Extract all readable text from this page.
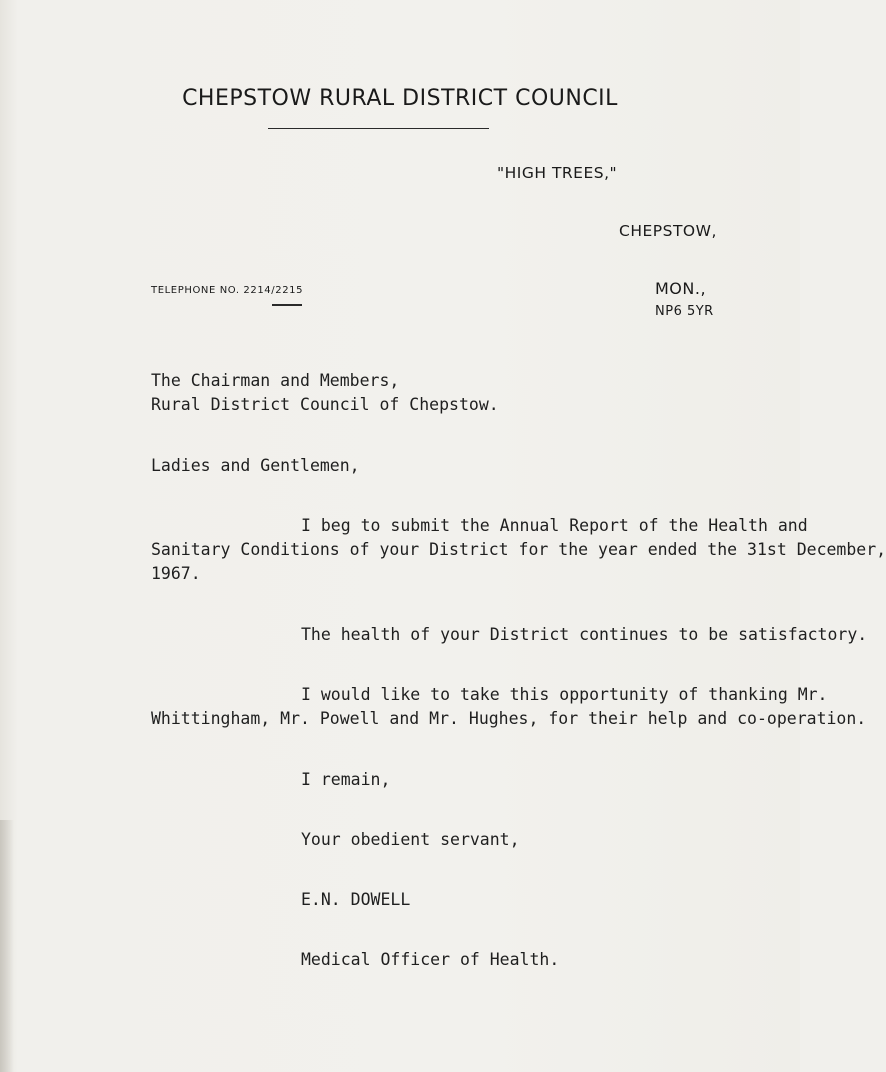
CHEPSTOW RURAL DISTRICT COUNCIL
"HIGH TREES,"
CHEPSTOW,
MON.,
NP6 5YR
TELEPHONE NO. 2214/2215
The Chairman and Members,
Rural District Council of Chepstow.
Ladies and Gentlemen,
I beg to submit the Annual Report of the Health and
Sanitary Conditions of your District for the year ended the 31st December,
1967.
The health of your District continues to be satisfactory.
I would like to take this opportunity of thanking Mr.
Whittingham, Mr. Powell and Mr. Hughes, for their help and co-operation.
I remain,
Your obedient servant,
E.N. DOWELL
Medical Officer of Health.
